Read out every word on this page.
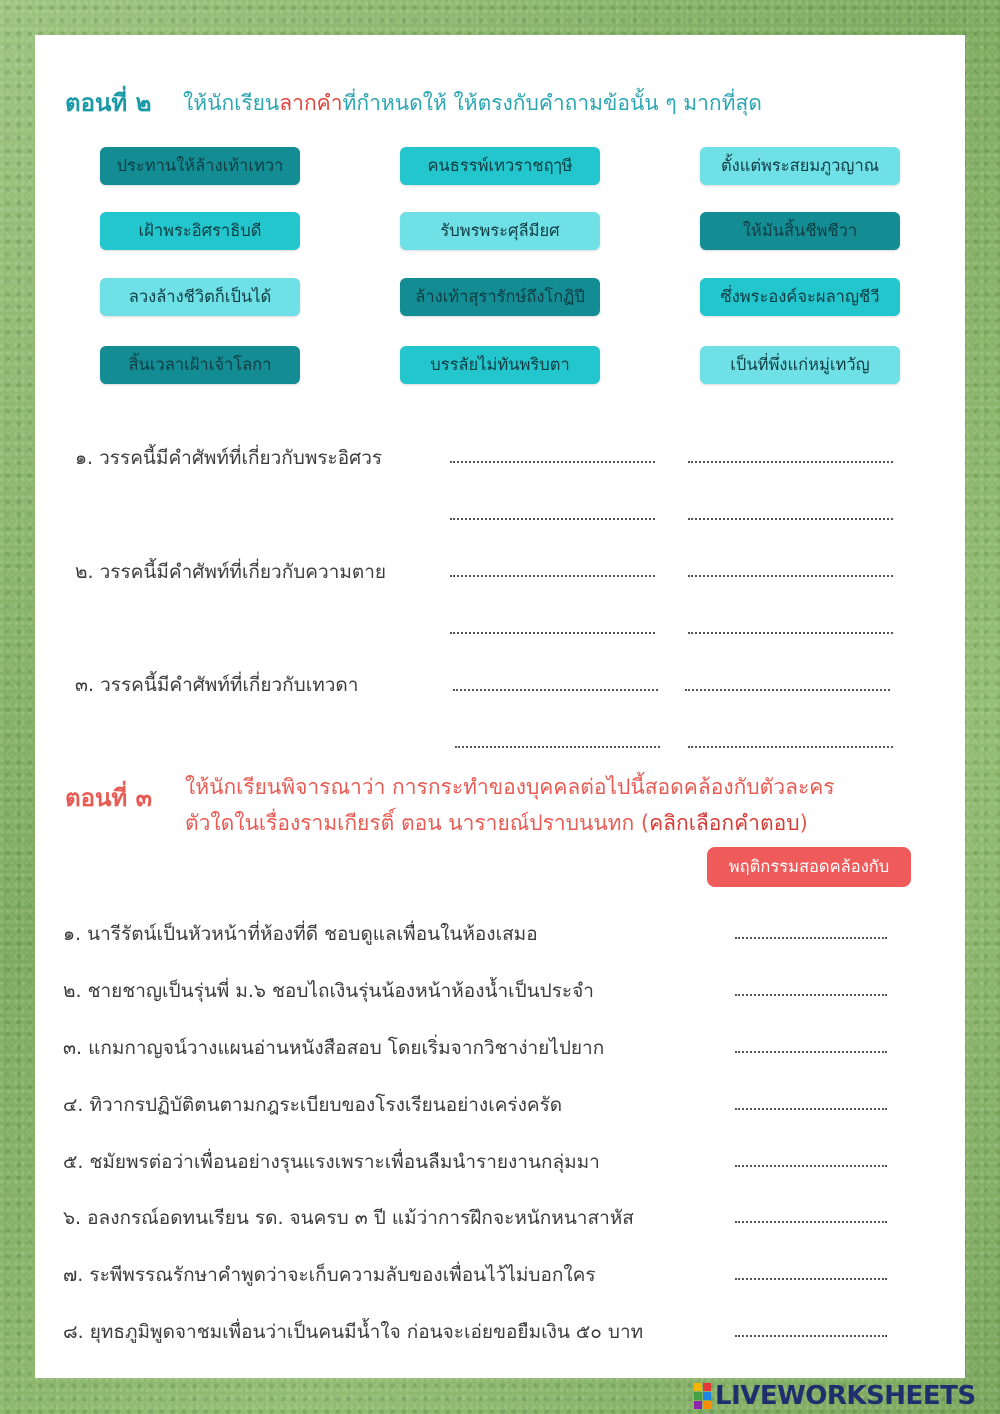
ตอนที่ ๒ ให้นักเรียนลากคำที่กำหนดให้ ให้ตรงกับคำถามข้อนั้น ๆ มากที่สุด
ประทานให้ล้างเท้าเทวา	คนธรรพ์เทวราชฤๅษี	ตั้งแต่พระสยมภูวญาณ
เฝ้าพระอิศราธิบดี	รับพรพระศุลีมียศ	ให้มันสิ้นชีพชีวา
ลวงล้างชีวิตก็เป็นได้	ล้างเท้าสุรารักษ์ถึงโกฏิปี	ซึ่งพระองค์จะผลาญชีวี
สิ้นเวลาเฝ้าเจ้าโลกา	บรรลัยไม่ทันพริบตา	เป็นที่พึ่งแก่หมู่เทวัญ
๑. วรรคนี้มีคำศัพท์ที่เกี่ยวกับพระอิศวร
๒. วรรคนี้มีคำศัพท์ที่เกี่ยวกับความตาย
๓. วรรคนี้มีคำศัพท์ที่เกี่ยวกับเทวดา
ตอนที่ ๓ ให้นักเรียนพิจารณาว่า การกระทำของบุคคลต่อไปนี้สอดคล้องกับตัวละคร
ตัวใดในเรื่องรามเกียรติ์ ตอน นารายณ์ปราบนนทก (คลิกเลือกคำตอบ)
พฤติกรรมสอดคล้องกับ
๑. นารีรัตน์เป็นหัวหน้าที่ห้องที่ดี ชอบดูแลเพื่อนในห้องเสมอ
๒. ชายชาญเป็นรุ่นพี่ ม.๖ ชอบไถเงินรุ่นน้องหน้าห้องน้ำเป็นประจำ
๓. แกมกาญจน์วางแผนอ่านหนังสือสอบ โดยเริ่มจากวิชาง่ายไปยาก
๔. ทิวากรปฏิบัติตนตามกฎระเบียบของโรงเรียนอย่างเคร่งครัด
๕. ชมัยพรต่อว่าเพื่อนอย่างรุนแรงเพราะเพื่อนลืมนำรายงานกลุ่มมา
๖. อลงกรณ์อดทนเรียน รด. จนครบ ๓ ปี แม้ว่าการฝึกจะหนักหนาสาหัส
๗. ระพีพรรณรักษาคำพูดว่าจะเก็บความลับของเพื่อนไว้ไม่บอกใคร
๘. ยุทธภูมิพูดจาชมเพื่อนว่าเป็นคนมีน้ำใจ ก่อนจะเอ่ยขอยืมเงิน ๕๐ บาท
LIVEWORKSHEETS
